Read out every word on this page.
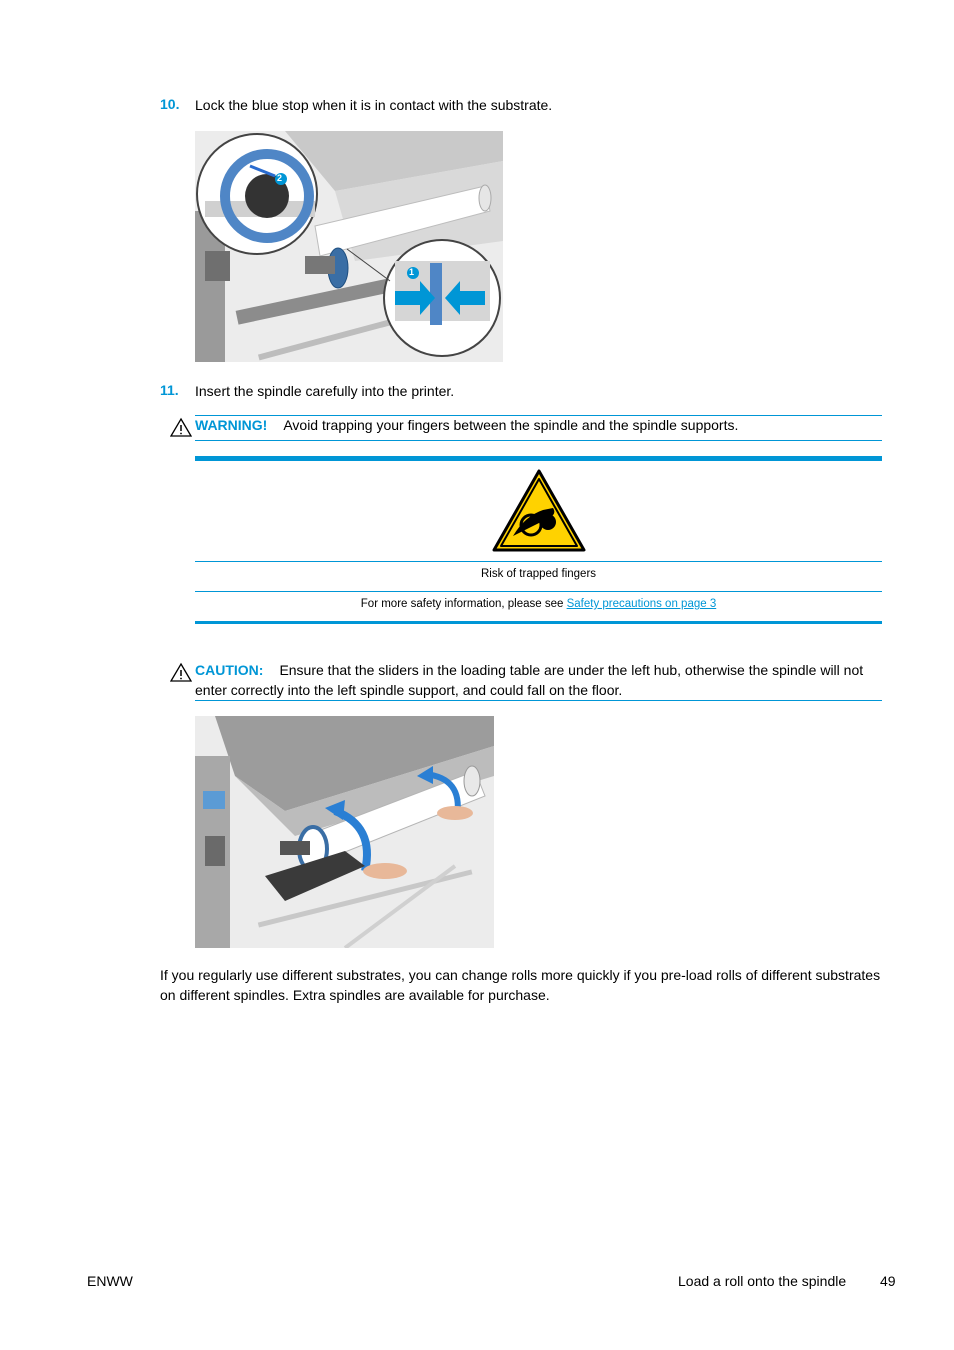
10. Lock the blue stop when it is in contact with the substrate.
2
1
11. Insert the spindle carefully into the printer.
WARNING! Avoid trapping your fingers between the spindle and the spindle supports.
Risk of trapped fingers
For more safety information, please see Safety precautions on page 3
CAUTION: Ensure that the sliders in the loading table are under the left hub, otherwise the spindle will not enter correctly into the left spindle support, and could fall on the floor.
If you regularly use different substrates, you can change rolls more quickly if you pre-load rolls of different substrates on different spindles. Extra spindles are available for purchase.
ENWW	Load a roll onto the spindle 49
